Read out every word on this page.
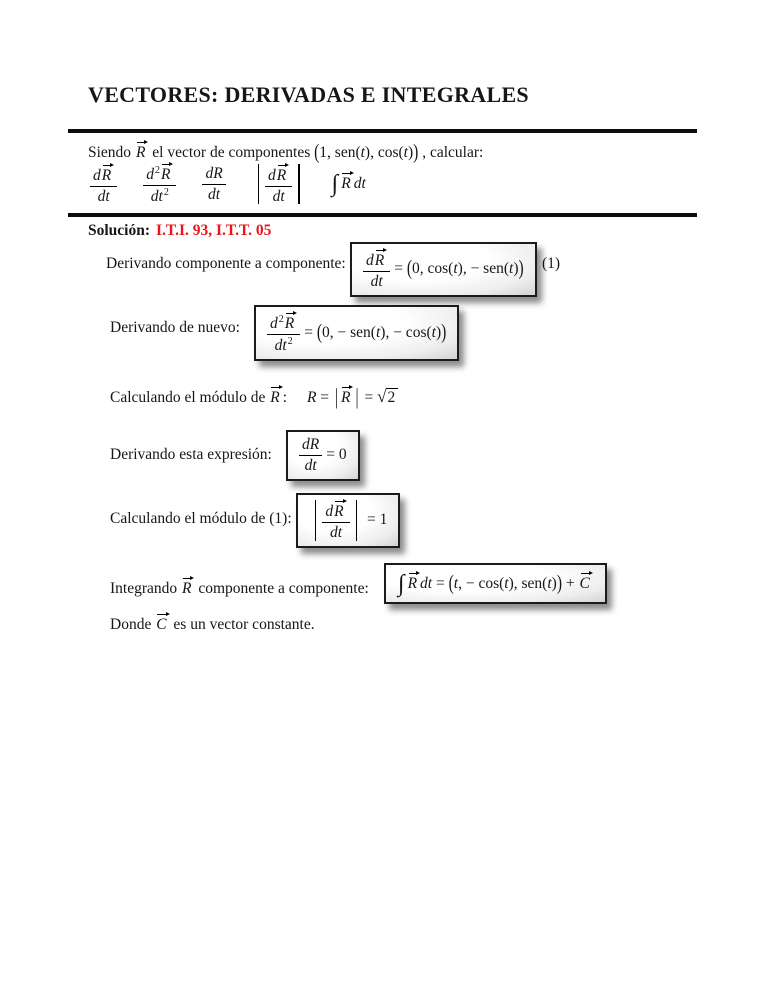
VECTORES: DERIVADAS E INTEGRALES
Siendo R el vector de componentes (1, sen(t), cos(t)) , calcular:
$\frac{dR}{dt} \frac{d^2R}{dt^2} \frac{dR}{dt}$	$\frac{dR}{dt}$ ∫ R dt
Solución: I.T.I. 93, I.T.T. 05
Derivando componente a componente: $\frac{dR}{dt} = (0$, cos(t), − sen(t)) (1)
Derivando de nuevo: $\frac{d^2R}{dt^2} = (0$, − sen(t), − cos(t))
Calculando el módulo de R : R = | R | = √2
Derivando esta expresión: $\frac{dR}{dt} = 0$
Calculando el módulo de (1): $\frac{dR}{dt} = 1$
Integrando R componente a componente: ∫ R dt = (t, − cos(t), sen(t)) + C
Donde C es un vector constante.
